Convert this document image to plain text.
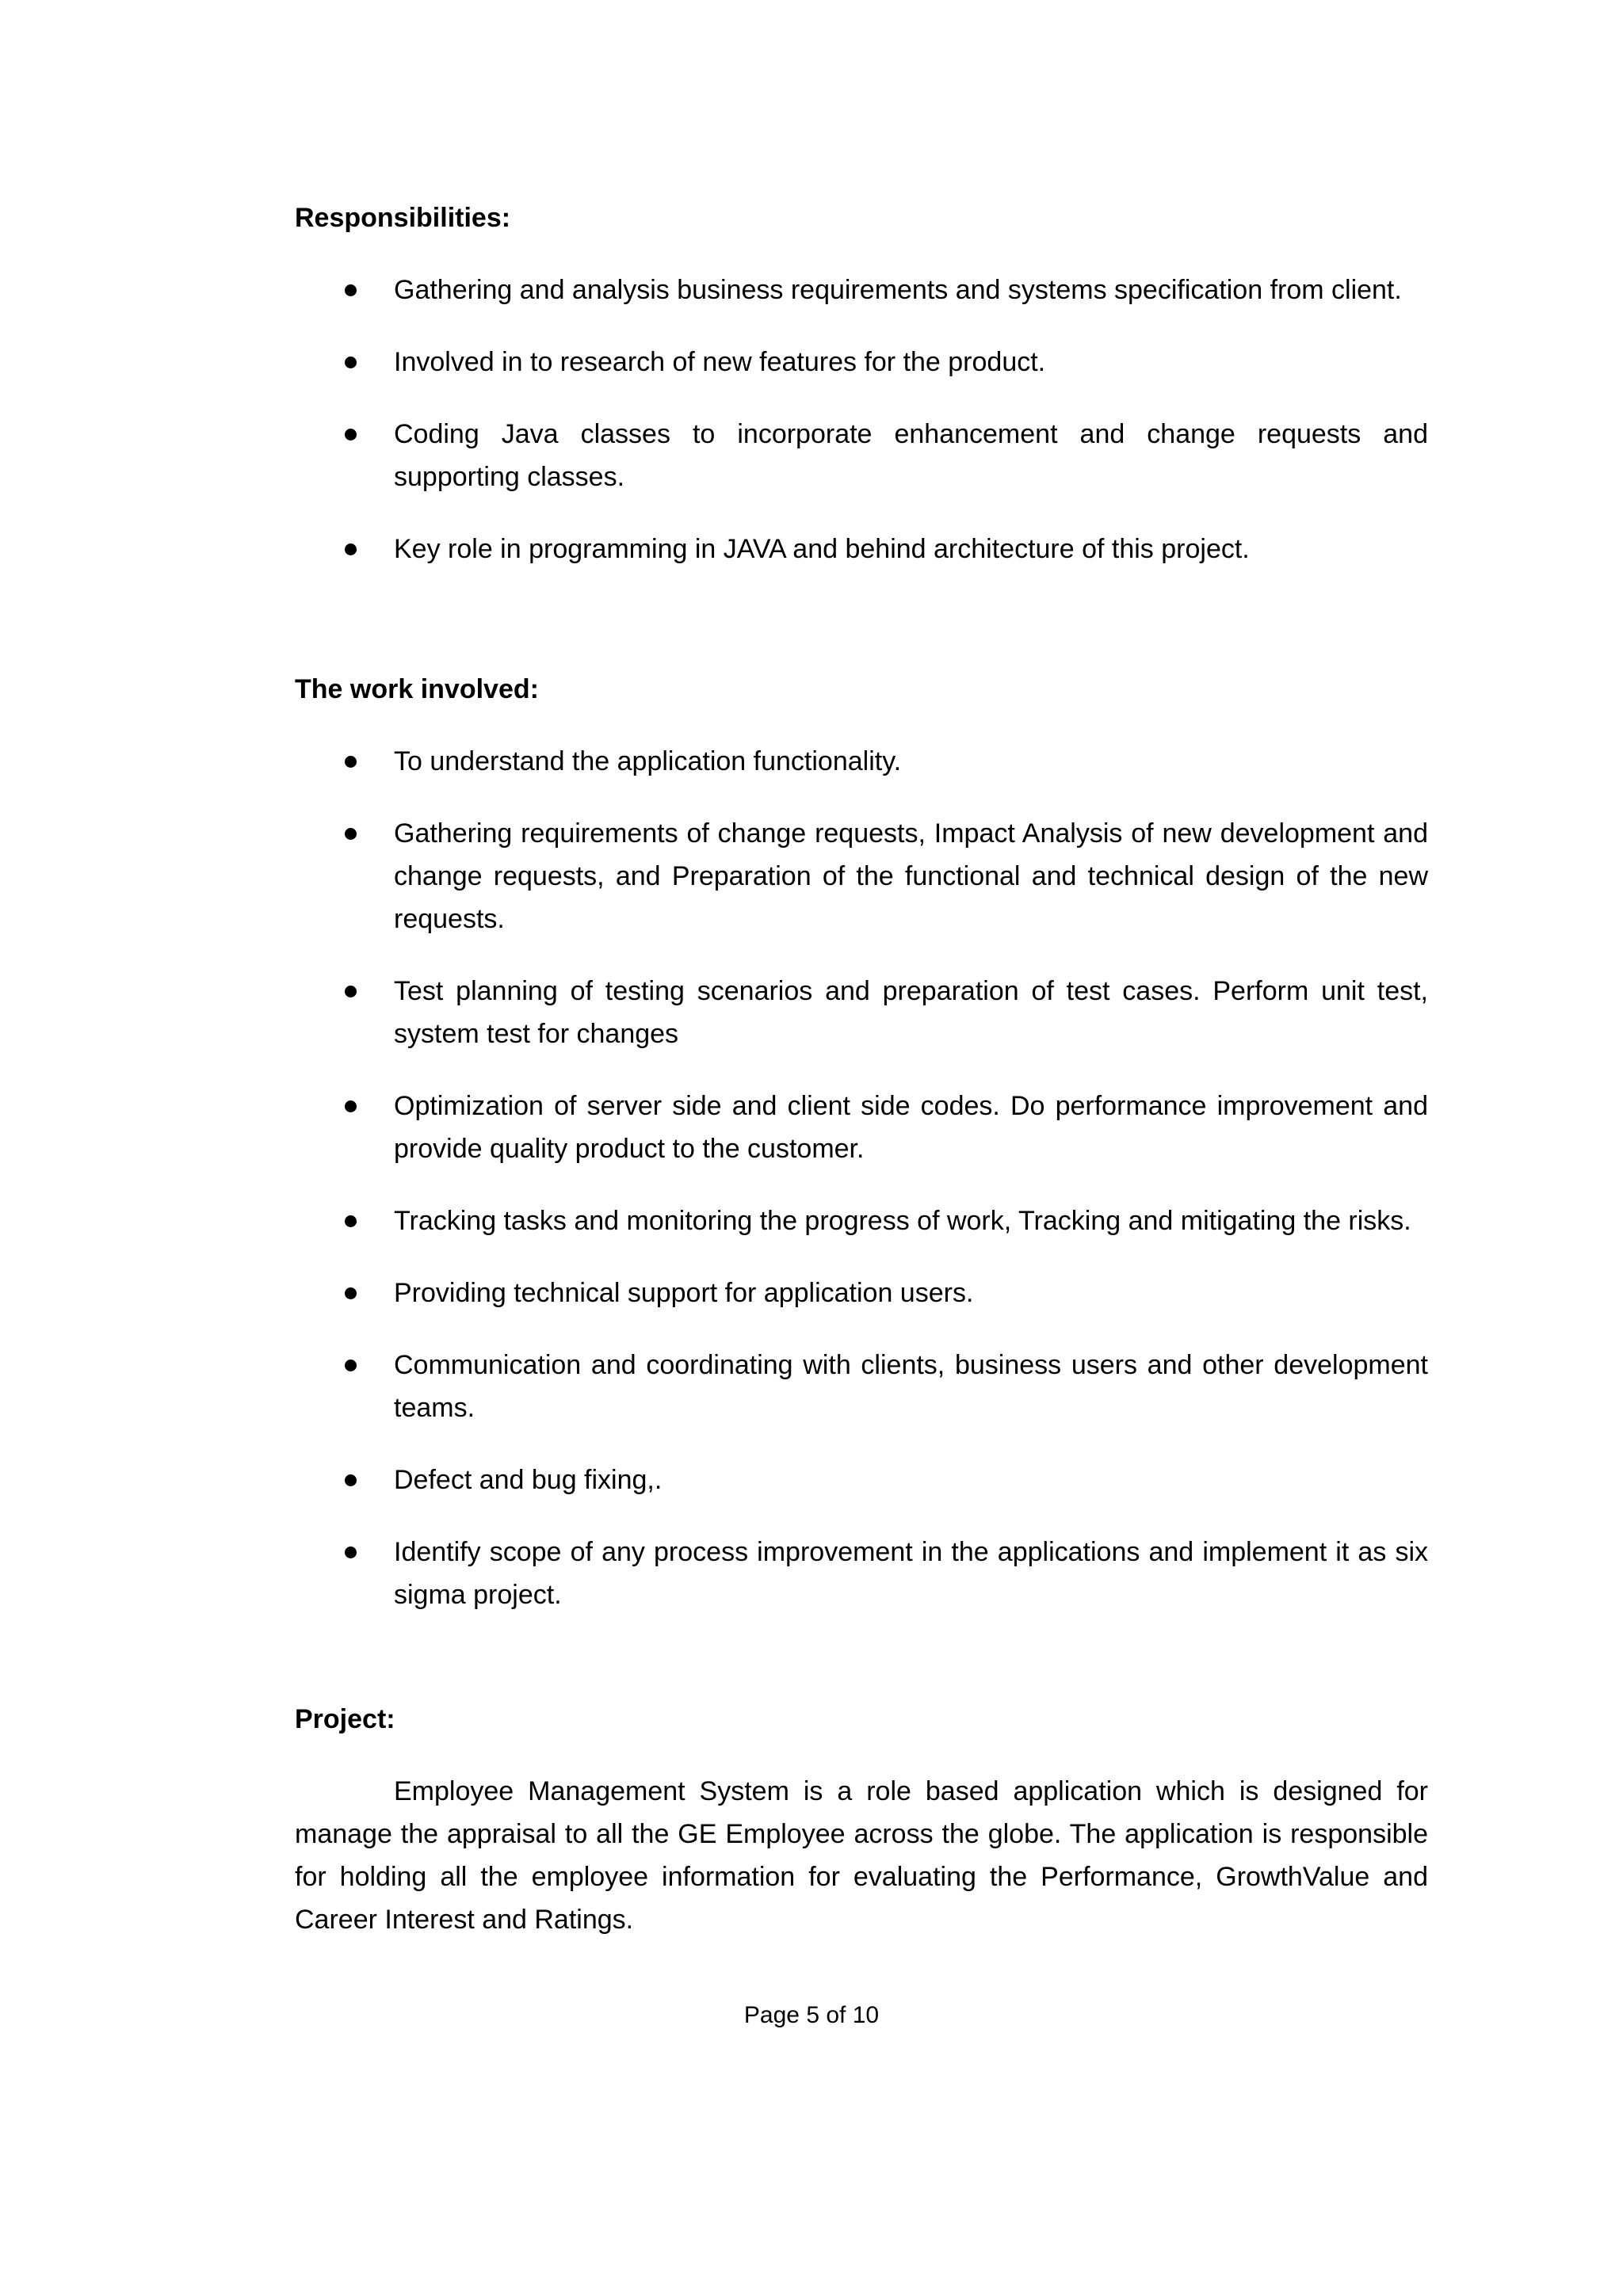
Responsibilities:
Gathering and analysis business requirements and systems specification from client.
Involved in to research of new features for the product.
Coding Java classes to incorporate enhancement and change requests and supporting classes.
Key role in programming in JAVA and behind architecture of this project.
The work involved:
To understand the application functionality.
Gathering requirements of change requests, Impact Analysis of new development and change requests, and Preparation of the functional and technical design of the new requests.
Test planning of testing scenarios and preparation of test cases. Perform unit test, system test for changes
Optimization of server side and client side codes. Do performance improvement and provide quality product to the customer.
Tracking tasks and monitoring the progress of work, Tracking and mitigating the risks.
Providing technical support for application users.
Communication and coordinating with clients, business users and other development teams.
Defect and bug fixing,.
Identify scope of any process improvement in the applications and implement it as six sigma project.
Project:

Employee Management System is a role based application which is designed for manage the appraisal to all the GE Employee across the globe. The application is responsible for holding all the employee information for evaluating the Performance, GrowthValue and Career Interest and Ratings.

Page 5 of 10
